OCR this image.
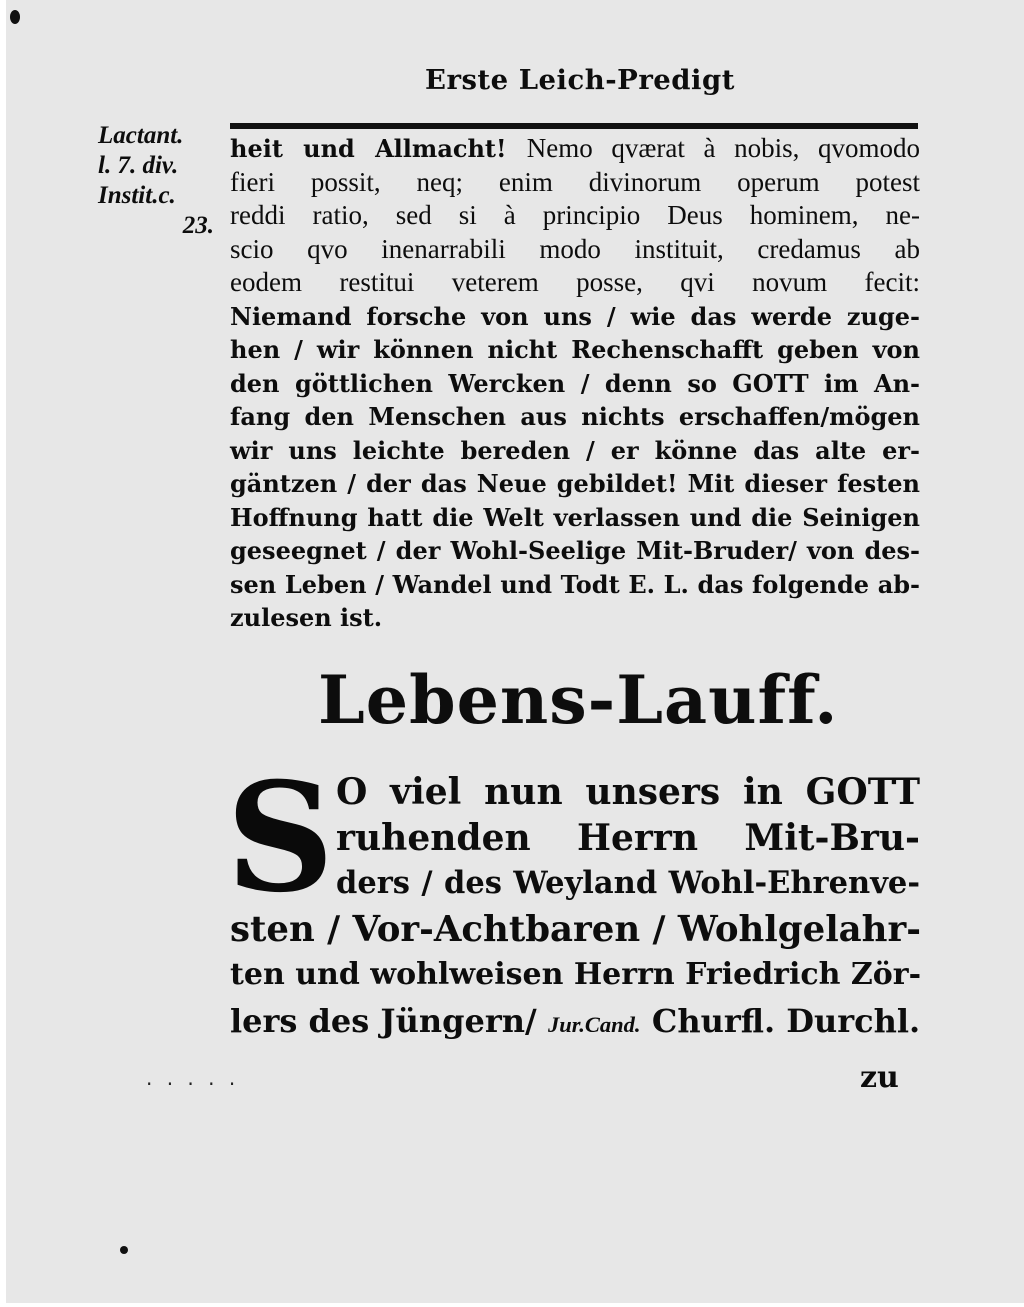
Erste Leich-Predigt
Lactant.
l. 7. div.
Instit.c.
23.
heit und Allmacht! Nemo qværat à nobis, qvomodo
fieri possit, neq; enim divinorum operum potest
reddi ratio, sed si à principio Deus hominem, ne-
scio qvo inenarrabili modo instituit, credamus ab
eodem restitui veterem posse, qvi novum fecit:
Niemand forsche von uns / wie das werde zuge-
hen / wir können nicht Rechenschafft geben von
den göttlichen Wercken / denn so GOTT im An-
fang den Menschen aus nichts erschaffen/mögen
wir uns leichte bereden / er könne das alte er-
gäntzen / der das Neue gebildet! Mit dieser festen
Hoffnung hatt die Welt verlassen und die Seinigen
geseegnet / der Wohl-Seelige Mit-Bruder/ von des-
sen Leben / Wandel und Todt E. L. das folgende ab-
zulesen ist.
Lebens-Lauff.
S O viel nun unsers in GOTT
ruhenden Herrn Mit-Bru-
ders / des Weyland Wohl-Ehrenve-
sten / Vor-Achtbaren / Wohlgelahr-
ten und wohlweisen Herrn Friedrich Zör-
lers des Jüngern/ Jur.Cand. Churfl. Durchl.
· · · · ·	zu
